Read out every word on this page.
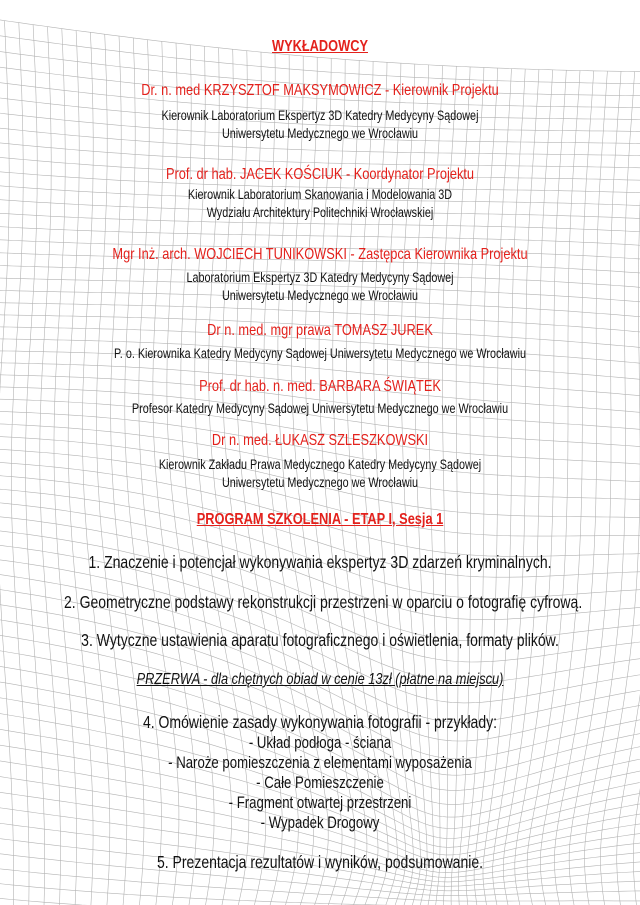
WYKŁADOWCY
Dr. n. med KRZYSZTOF MAKSYMOWICZ - Kierownik Projektu
Kierownik Laboratorium Ekspertyz 3D Katedry Medycyny Sądowej
Uniwersytetu Medycznego we Wrocławiu
Prof. dr hab. JACEK KOŚCIUK - Koordynator Projektu
Kierownik Laboratorium Skanowania i Modelowania 3D
Wydziału Architektury Politechniki Wrocławskiej
Mgr Inż. arch. WOJCIECH TUNIKOWSKI - Zastępca Kierownika Projektu
Laboratorium Ekspertyz 3D Katedry Medycyny Sądowej
Uniwersytetu Medycznego we Wrocławiu
Dr n. med. mgr prawa TOMASZ JUREK
P. o. Kierownika Katedry Medycyny Sądowej Uniwersytetu Medycznego we Wrocławiu
Prof. dr hab. n. med. BARBARA ŚWIĄTEK
Profesor Katedry Medycyny Sądowej Uniwersytetu Medycznego we Wrocławiu
Dr n. med. ŁUKASZ SZLESZKOWSKI
Kierownik Zakładu Prawa Medycznego Katedry Medycyny Sądowej
Uniwersytetu Medycznego we Wrocławiu
PROGRAM SZKOLENIA - ETAP I, Sesja 1
1. Znaczenie i potencjał wykonywania ekspertyz 3D zdarzeń kryminalnych.
2. Geometryczne podstawy rekonstrukcji przestrzeni w oparciu o fotografię cyfrową.
3. Wytyczne ustawienia aparatu fotograficznego i oświetlenia, formaty plików.
PRZERWA - dla chętnych obiad w cenie 13zł (płatne na miejscu)
4. Omówienie zasady wykonywania fotografii - przykłady:
- Układ podłoga - ściana
- Naroże pomieszczenia z elementami wyposażenia
- Całe Pomieszczenie
- Fragment otwartej przestrzeni
- Wypadek Drogowy
5. Prezentacja rezultatów i wyników, podsumowanie.
